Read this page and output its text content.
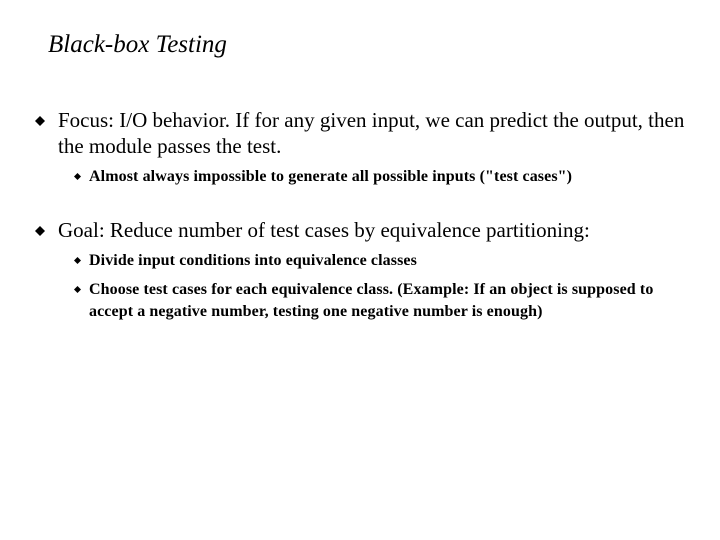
Black-box Testing
Focus: I/O behavior. If for any given input, we can predict the output, then the module passes the test.
Almost always impossible to generate all possible inputs ("test cases")
Goal: Reduce number of test cases by equivalence partitioning:
Divide input conditions into equivalence classes
Choose test cases for each equivalence class. (Example: If an object is supposed to accept a negative number, testing one negative number is enough)
